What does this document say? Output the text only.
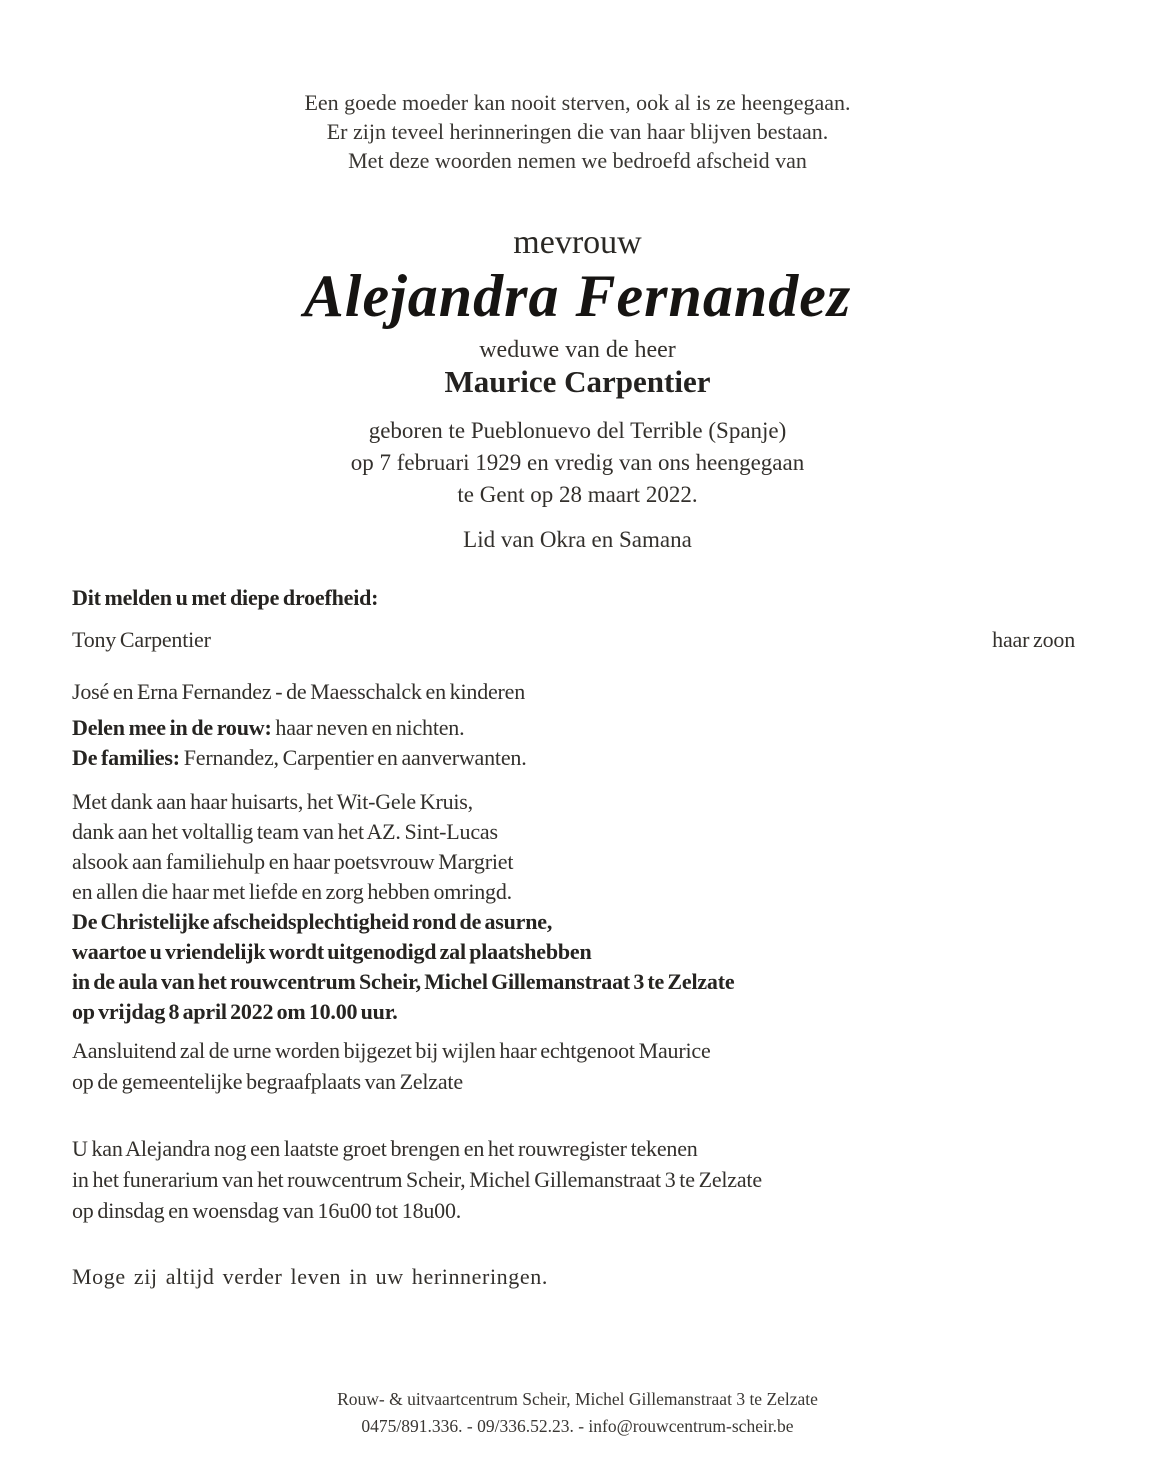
Een goede moeder kan nooit sterven, ook al is ze heengegaan.
Er zijn teveel herinneringen die van haar blijven bestaan.
Met deze woorden nemen we bedroefd afscheid van
mevrouw
Alejandra Fernandez
weduwe van de heer
Maurice Carpentier
geboren te Pueblonuevo del Terrible (Spanje)
op 7 februari 1929 en vredig van ons heengegaan
te Gent op 28 maart 2022.
Lid van Okra en Samana
Dit melden u met diepe droefheid:
Tony Carpentier	haar zoon
José en Erna Fernandez - de Maesschalck en kinderen
Delen mee in de rouw: haar neven en nichten.
De families: Fernandez, Carpentier en aanverwanten.
Met dank aan haar huisarts, het Wit-Gele Kruis,
dank aan het voltallig team van het AZ. Sint-Lucas
alsook aan familiehulp en haar poetsvrouw Margriet
en allen die haar met liefde en zorg hebben omringd.
De Christelijke afscheidsplechtigheid rond de asurne,
waartoe u vriendelijk wordt uitgenodigd zal plaatshebben
in de aula van het rouwcentrum Scheir, Michel Gillemanstraat 3 te Zelzate
op vrijdag 8 april 2022 om 10.00 uur.
Aansluitend zal de urne worden bijgezet bij wijlen haar echtgenoot Maurice
op de gemeentelijke begraafplaats van Zelzate
U kan Alejandra nog een laatste groet brengen en het rouwregister tekenen
in het funerarium van het rouwcentrum Scheir, Michel Gillemanstraat 3 te Zelzate
op dinsdag en woensdag van 16u00 tot 18u00.
Moge zij altijd verder leven in uw herinneringen.
Rouw- & uitvaartcentrum Scheir, Michel Gillemanstraat 3 te Zelzate
0475/891.336. - 09/336.52.23. - info@rouwcentrum-scheir.be
